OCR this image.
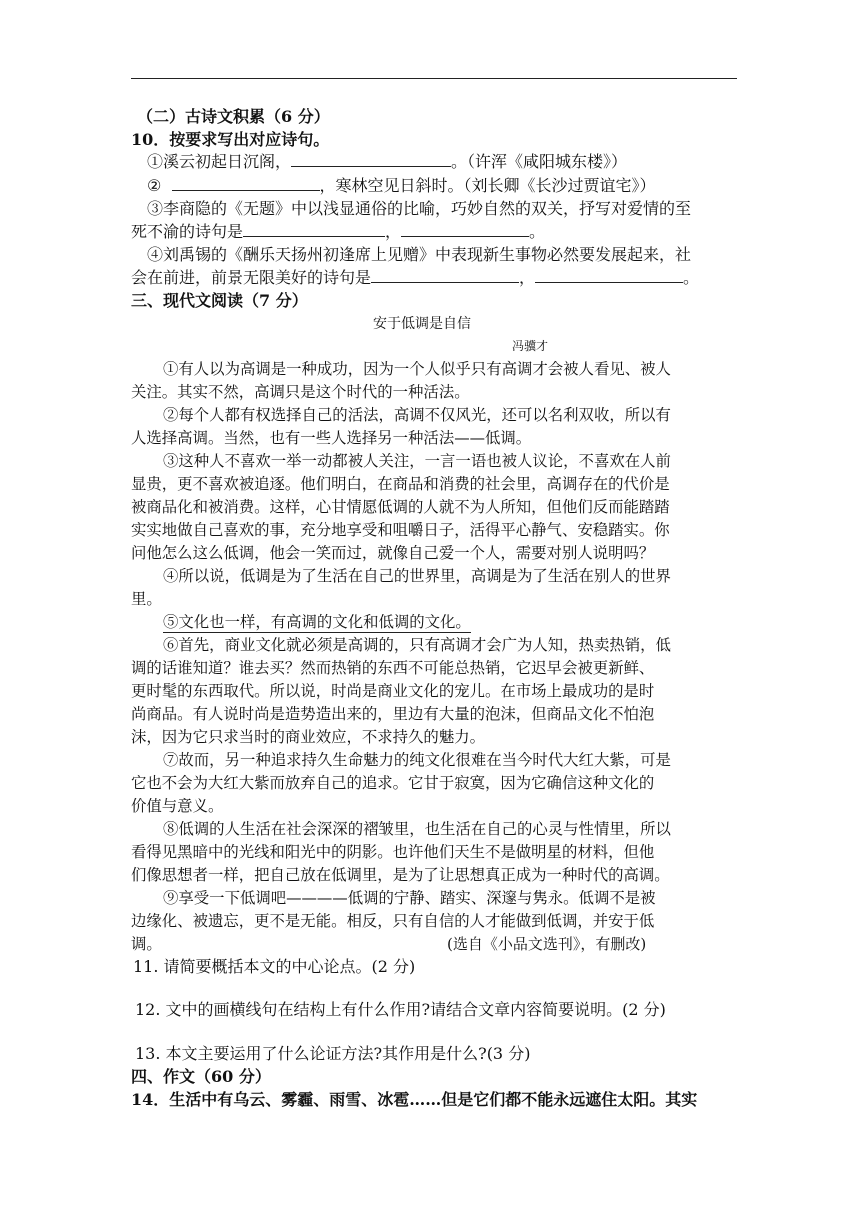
（二）古诗文积累（6 分）
10．按要求写出对应诗句。
①溪云初起日沉阁，	。（许浑《咸阳城东楼》）
②	，寒林空见日斜时。（刘长卿《长沙过贾谊宅》）
③李商隐的《无题》中以浅显通俗的比喻，巧妙自然的双关，抒写对爱情的至
死不渝的诗句是	，	。
④刘禹锡的《酬乐天扬州初逢席上见赠》中表现新生事物必然要发展起来，社
会在前进，前景无限美好的诗句是	，	。
三、现代文阅读（7 分）
安于低调是自信
冯骥才
①有人以为高调是一种成功，因为一个人似乎只有高调才会被人看见、被人
关注。其实不然，高调只是这个时代的一种活法。
②每个人都有权选择自己的活法，高调不仅风光，还可以名利双收，所以有
人选择高调。当然，也有一些人选择另一种活法——低调。
③这种人不喜欢一举一动都被人关注，一言一语也被人议论，不喜欢在人前
显贵，更不喜欢被追逐。他们明白，在商品和消费的社会里，高调存在的代价是
被商品化和被消费。这样，心甘情愿低调的人就不为人所知，但他们反而能踏踏
实实地做自己喜欢的事，充分地享受和咀嚼日子，活得平心静气、安稳踏实。你
问他怎么这么低调，他会一笑而过，就像自己爱一个人，需要对别人说明吗？
④所以说，低调是为了生活在自己的世界里，高调是为了生活在别人的世界
里。
⑤文化也一样，有高调的文化和低调的文化。
⑥首先，商业文化就必须是高调的，只有高调才会广为人知，热卖热销，低
调的话谁知道？谁去买？然而热销的东西不可能总热销，它迟早会被更新鲜、
更时髦的东西取代。所以说，时尚是商业文化的宠儿。在市场上最成功的是时
尚商品。有人说时尚是造势造出来的，里边有大量的泡沫，但商品文化不怕泡
沫，因为它只求当时的商业效应，不求持久的魅力。
⑦故而，另一种追求持久生命魅力的纯文化很难在当今时代大红大紫，可是
它也不会为大红大紫而放弃自己的追求。它甘于寂寞，因为它确信这种文化的
价值与意义。
⑧低调的人生活在社会深深的褶皱里，也生活在自己的心灵与性情里，所以
看得见黑暗中的光线和阳光中的阴影。也许他们天生不是做明星的材料，但他
们像思想者一样，把自己放在低调里，是为了让思想真正成为一种时代的高调。
⑨享受一下低调吧————低调的宁静、踏实、深邃与隽永。低调不是被
边缘化、被遗忘，更不是无能。相反，只有自信的人才能做到低调，并安于低
调。	(选自《小品文选刊》，有删改)
11. 请简要概括本文的中心论点。(2 分)
12. 文中的画横线句在结构上有什么作用?请结合文章内容简要说明。(2 分)
13. 本文主要运用了什么论证方法?其作用是什么?(3 分)
四、作文（60 分）
14．生活中有乌云、雾霾、雨雪、冰雹……但是它们都不能永远遮住太阳。其实
